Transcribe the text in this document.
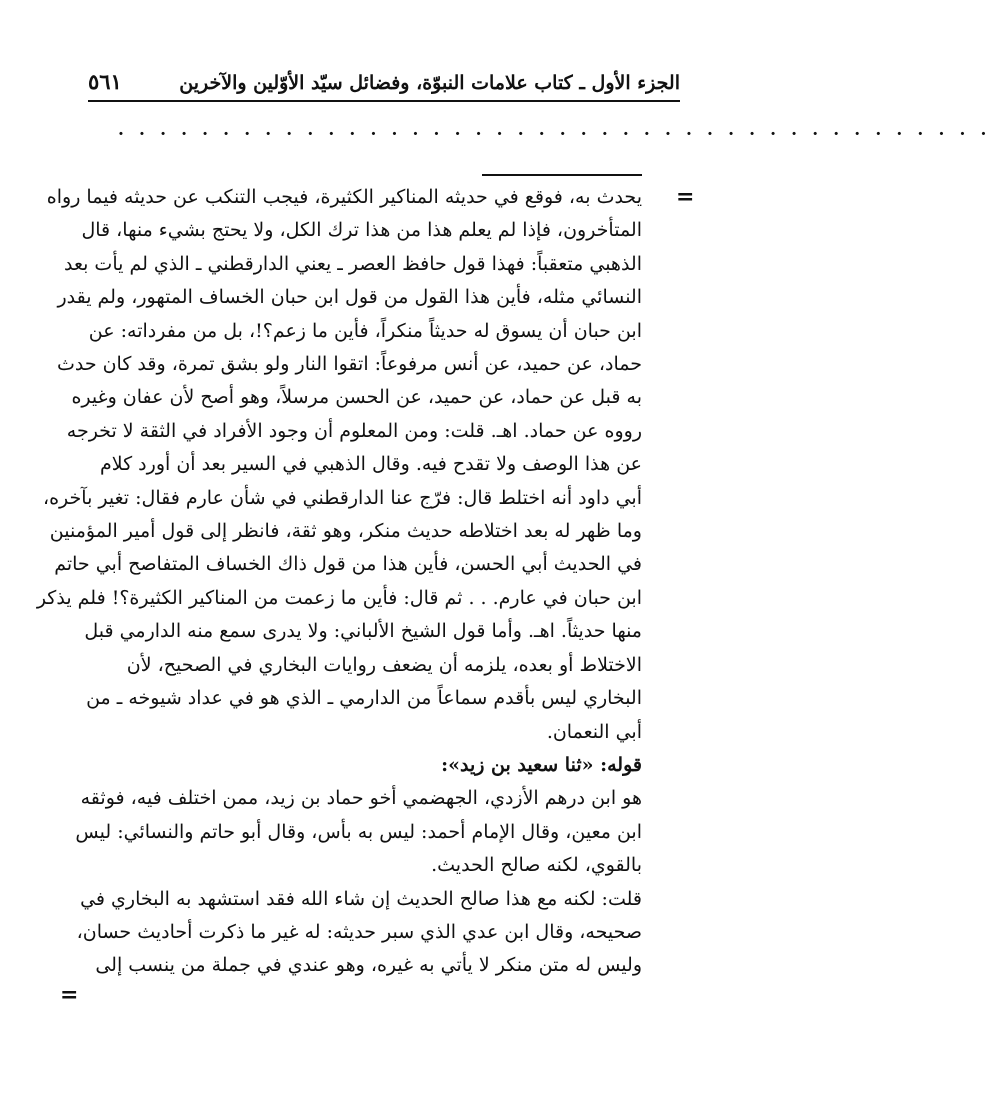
٥٦١	الجزء الأول ـ كتاب علامات النبوّة، وفضائل سيّد الأوّلين والآخرين
. . . . . . . . . . . . . . . . . . . . . . . . . . . . . . . . . . . . . . . . . .
=

يحدث به، فوقع في حديثه المناكير الكثيرة، فيجب التنكب عن حديثه فيما رواه
المتأخرون، فإذا لم يعلم هذا من هذا ترك الكل، ولا يحتج بشيء منها، قال
الذهبي متعقباً: فهذا قول حافظ العصر ـ يعني الدارقطني ـ الذي لم يأت بعد
النسائي مثله، فأين هذا القول من قول ابن حبان الخساف المتهور، ولم يقدر
ابن حبان أن يسوق له حديثاً منكراً، فأين ما زعم؟!، بل من مفرداته: عن
حماد، عن حميد، عن أنس مرفوعاً: اتقوا النار ولو بشق تمرة، وقد كان حدث
به قبل عن حماد، عن حميد، عن الحسن مرسلاً، وهو أصح لأن عفان وغيره
رووه عن حماد. اهـ. قلت: ومن المعلوم أن وجود الأفراد في الثقة لا تخرجه
عن هذا الوصف ولا تقدح فيه. وقال الذهبي في السير بعد أن أورد كلام
أبي داود أنه اختلط قال: فرّج عنا الدارقطني في شأن عارم فقال: تغير بآخره،
وما ظهر له بعد اختلاطه حديث منكر، وهو ثقة، فانظر إلى قول أمير المؤمنين
في الحديث أبي الحسن، فأين هذا من قول ذاك الخساف المتفاصح أبي حاتم
ابن حبان في عارم. . . ثم قال: فأين ما زعمت من المناكير الكثيرة؟! فلم يذكر
منها حديثاً. اهـ. وأما قول الشيخ الألباني: ولا يدرى سمع منه الدارمي قبل
الاختلاط أو بعده، يلزمه أن يضعف روايات البخاري في الصحيح، لأن
البخاري ليس بأقدم سماعاً من الدارمي ـ الذي هو في عداد شيوخه ـ من
أبي النعمان.

قوله: «ثنا سعيد بن زيد»:

هو ابن درهم الأزدي، الجهضمي أخو حماد بن زيد، ممن اختلف فيه، فوثقه
ابن معين، وقال الإمام أحمد: ليس به بأس، وقال أبو حاتم والنسائي: ليس
بالقوي، لكنه صالح الحديث.

قلت: لكنه مع هذا صالح الحديث إن شاء الله فقد استشهد به البخاري في
صحيحه، وقال ابن عدي الذي سبر حديثه: له غير ما ذكرت أحاديث حسان،
وليس له متن منكر لا يأتي به غيره، وهو عندي في جملة من ينسب إلى

=
